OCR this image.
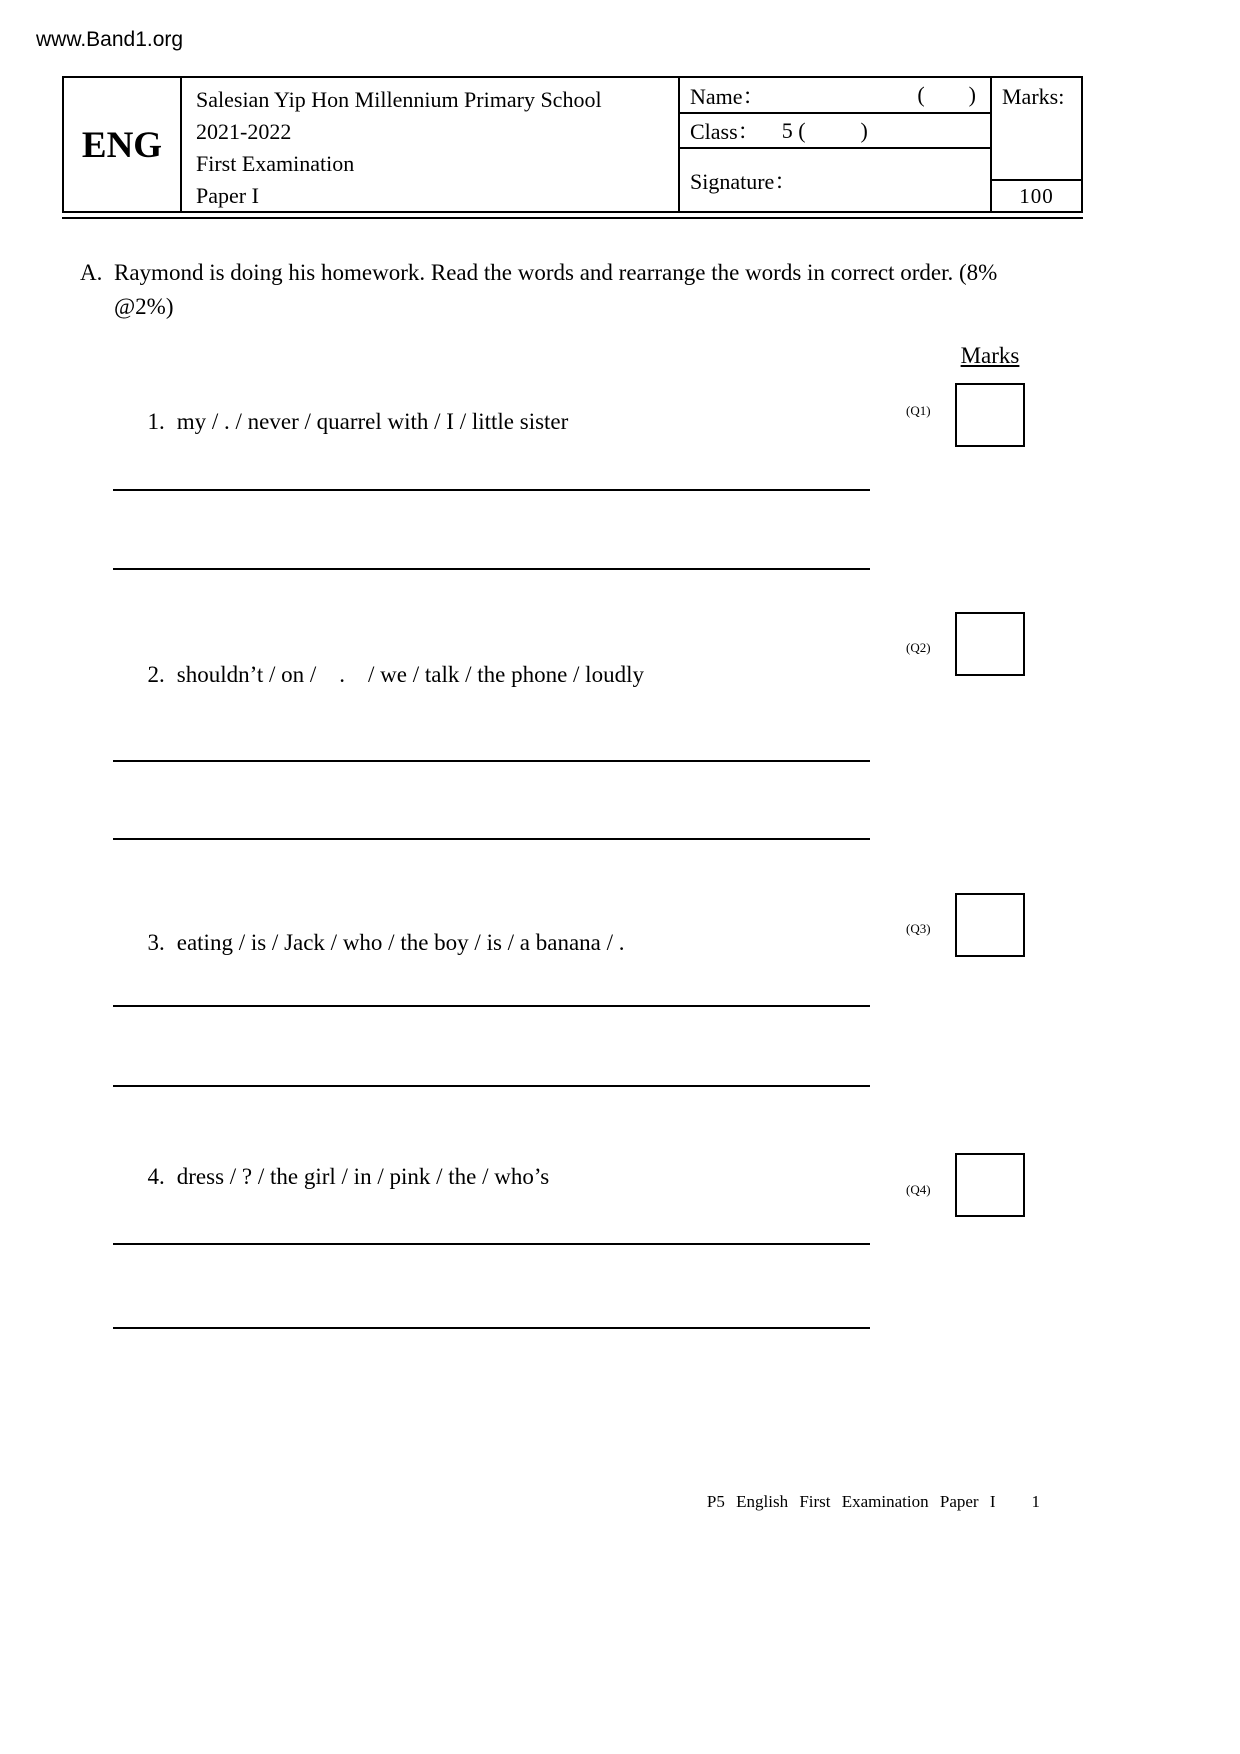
www.Band1.org
ENG
Salesian Yip Hon Millennium Primary School
2021-2022
First Examination
Paper I
Name：	(        )
Class： 5 (          )
Signature：
Marks:
100
A. Raymond is doing his homework. Read the words and rearrange the words in correct order. (8% @2%)
Marks

1. my / . / never / quarrel with / I / little sister
	(Q1)

2. shouldn’t / on /    .    / we / talk / the phone / loudly

(Q2)

3. eating / is / Jack / who / the boy / is / a banana / .

(Q3)

4. dress / ? / the girl / in / pink / the / who’s

(Q4)
P5 English First Examination Paper I 1
